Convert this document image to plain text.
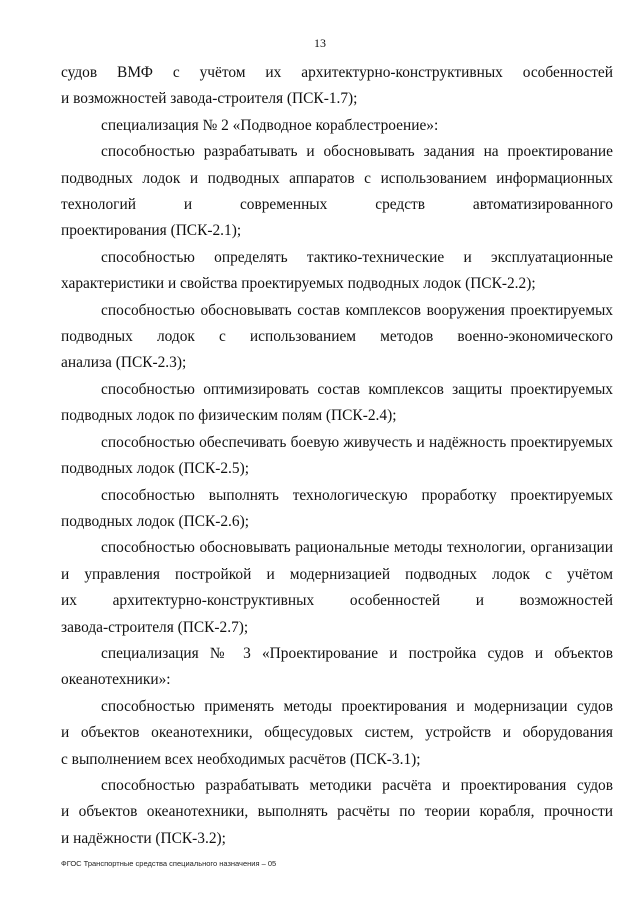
13
судов ВМФ с учётом их архитектурно-конструктивных особенностей
и возможностей завода-строителя (ПСК-1.7);
специализация № 2 «Подводное кораблестроение»:
способностью разрабатывать и обосновывать задания на проектирование
подводных лодок и подводных аппаратов с использованием информационных
технологий и современных средств автоматизированного
проектирования (ПСК-2.1);
способностью определять тактико-технические и эксплуатационные
характеристики и свойства проектируемых подводных лодок (ПСК-2.2);
способностью обосновывать состав комплексов вооружения проектируемых
подводных лодок с использованием методов военно-экономического
анализа (ПСК-2.3);
способностью оптимизировать состав комплексов защиты проектируемых
подводных лодок по физическим полям (ПСК-2.4);
способностью обеспечивать боевую живучесть и надёжность проектируемых
подводных лодок (ПСК-2.5);
способностью выполнять технологическую проработку проектируемых
подводных лодок (ПСК-2.6);
способностью обосновывать рациональные методы технологии, организации
и управления постройкой и модернизацией подводных лодок с учётом
их архитектурно-конструктивных особенностей и возможностей
завода-строителя (ПСК-2.7);
специализация № 3 «Проектирование и постройка судов и объектов
океанотехники»:
способностью применять методы проектирования и модернизации судов
и объектов океанотехники, общесудовых систем, устройств и оборудования
с выполнением всех необходимых расчётов (ПСК-3.1);
способностью разрабатывать методики расчёта и проектирования судов
и объектов океанотехники, выполнять расчёты по теории корабля, прочности
и надёжности (ПСК-3.2);
ФГОС Транспортные средства специального назначения – 05
